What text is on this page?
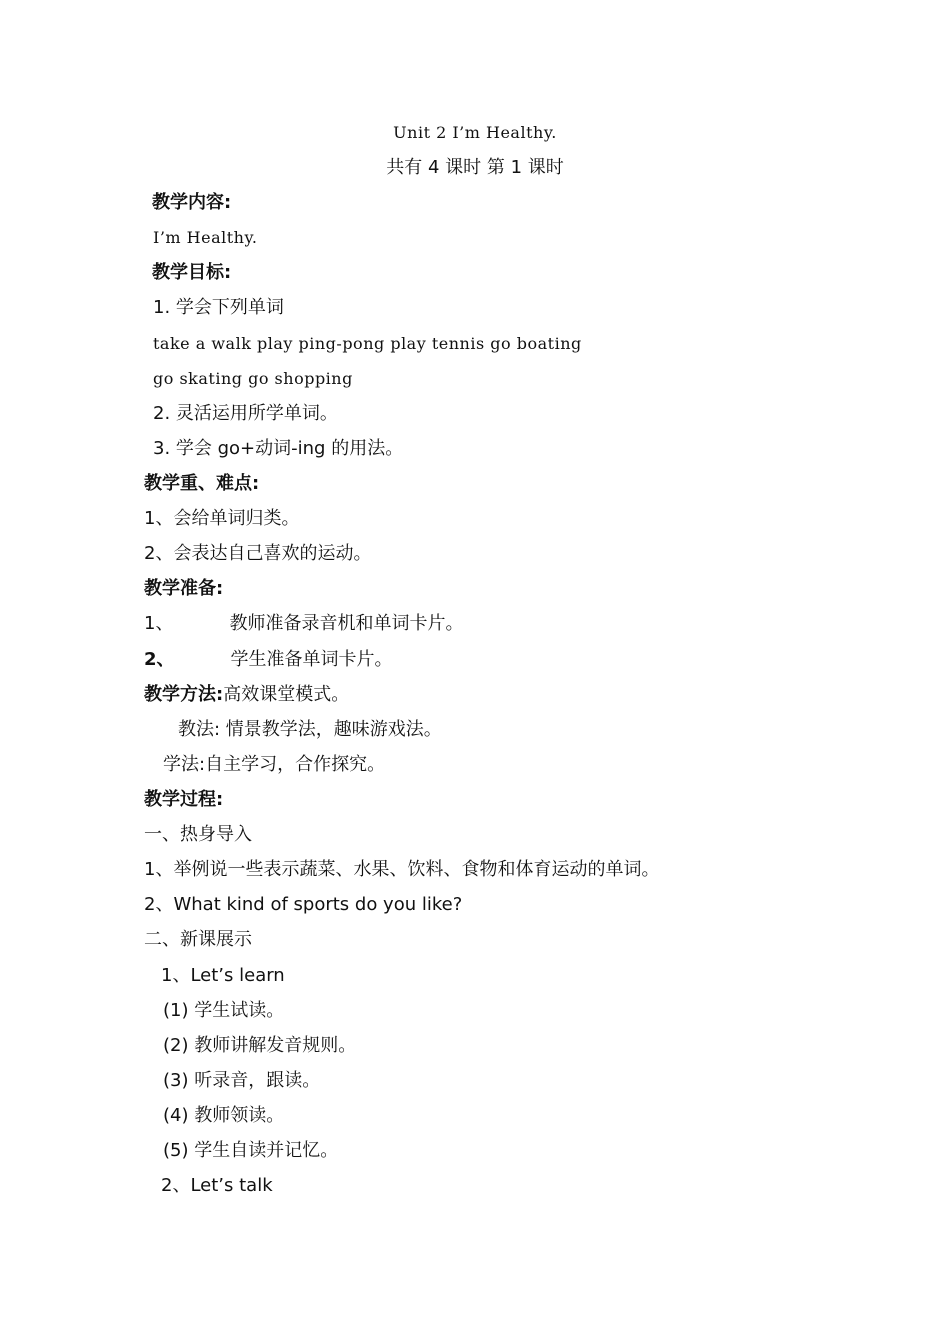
Unit 2 I’m Healthy.
共有 4 课时 第 1 课时
教学内容:
I’m Healthy.
教学目标:
1. 学会下列单词
take a walk play ping-pong play tennis go boating
go skating go shopping
2. 灵活运用所学单词。
3. 学会 go+动词-ing 的用法。
教学重、难点:
1、会给单词归类。
2、会表达自己喜欢的运动。
教学准备:
1、	教师准备录音机和单词卡片。
2、	学生准备单词卡片。
教学方法:高效课堂模式。
教法: 情景教学法，趣味游戏法。
学法:自主学习，合作探究。
教学过程:
一、热身导入
1、举例说一些表示蔬菜、水果、饮料、食物和体育运动的单词。
2、What kind of sports do you like?
二、新课展示
1、Let’s learn
(1) 学生试读。
(2) 教师讲解发音规则。
(3) 听录音，跟读。
(4) 教师领读。
(5) 学生自读并记忆。
2、Let’s talk
